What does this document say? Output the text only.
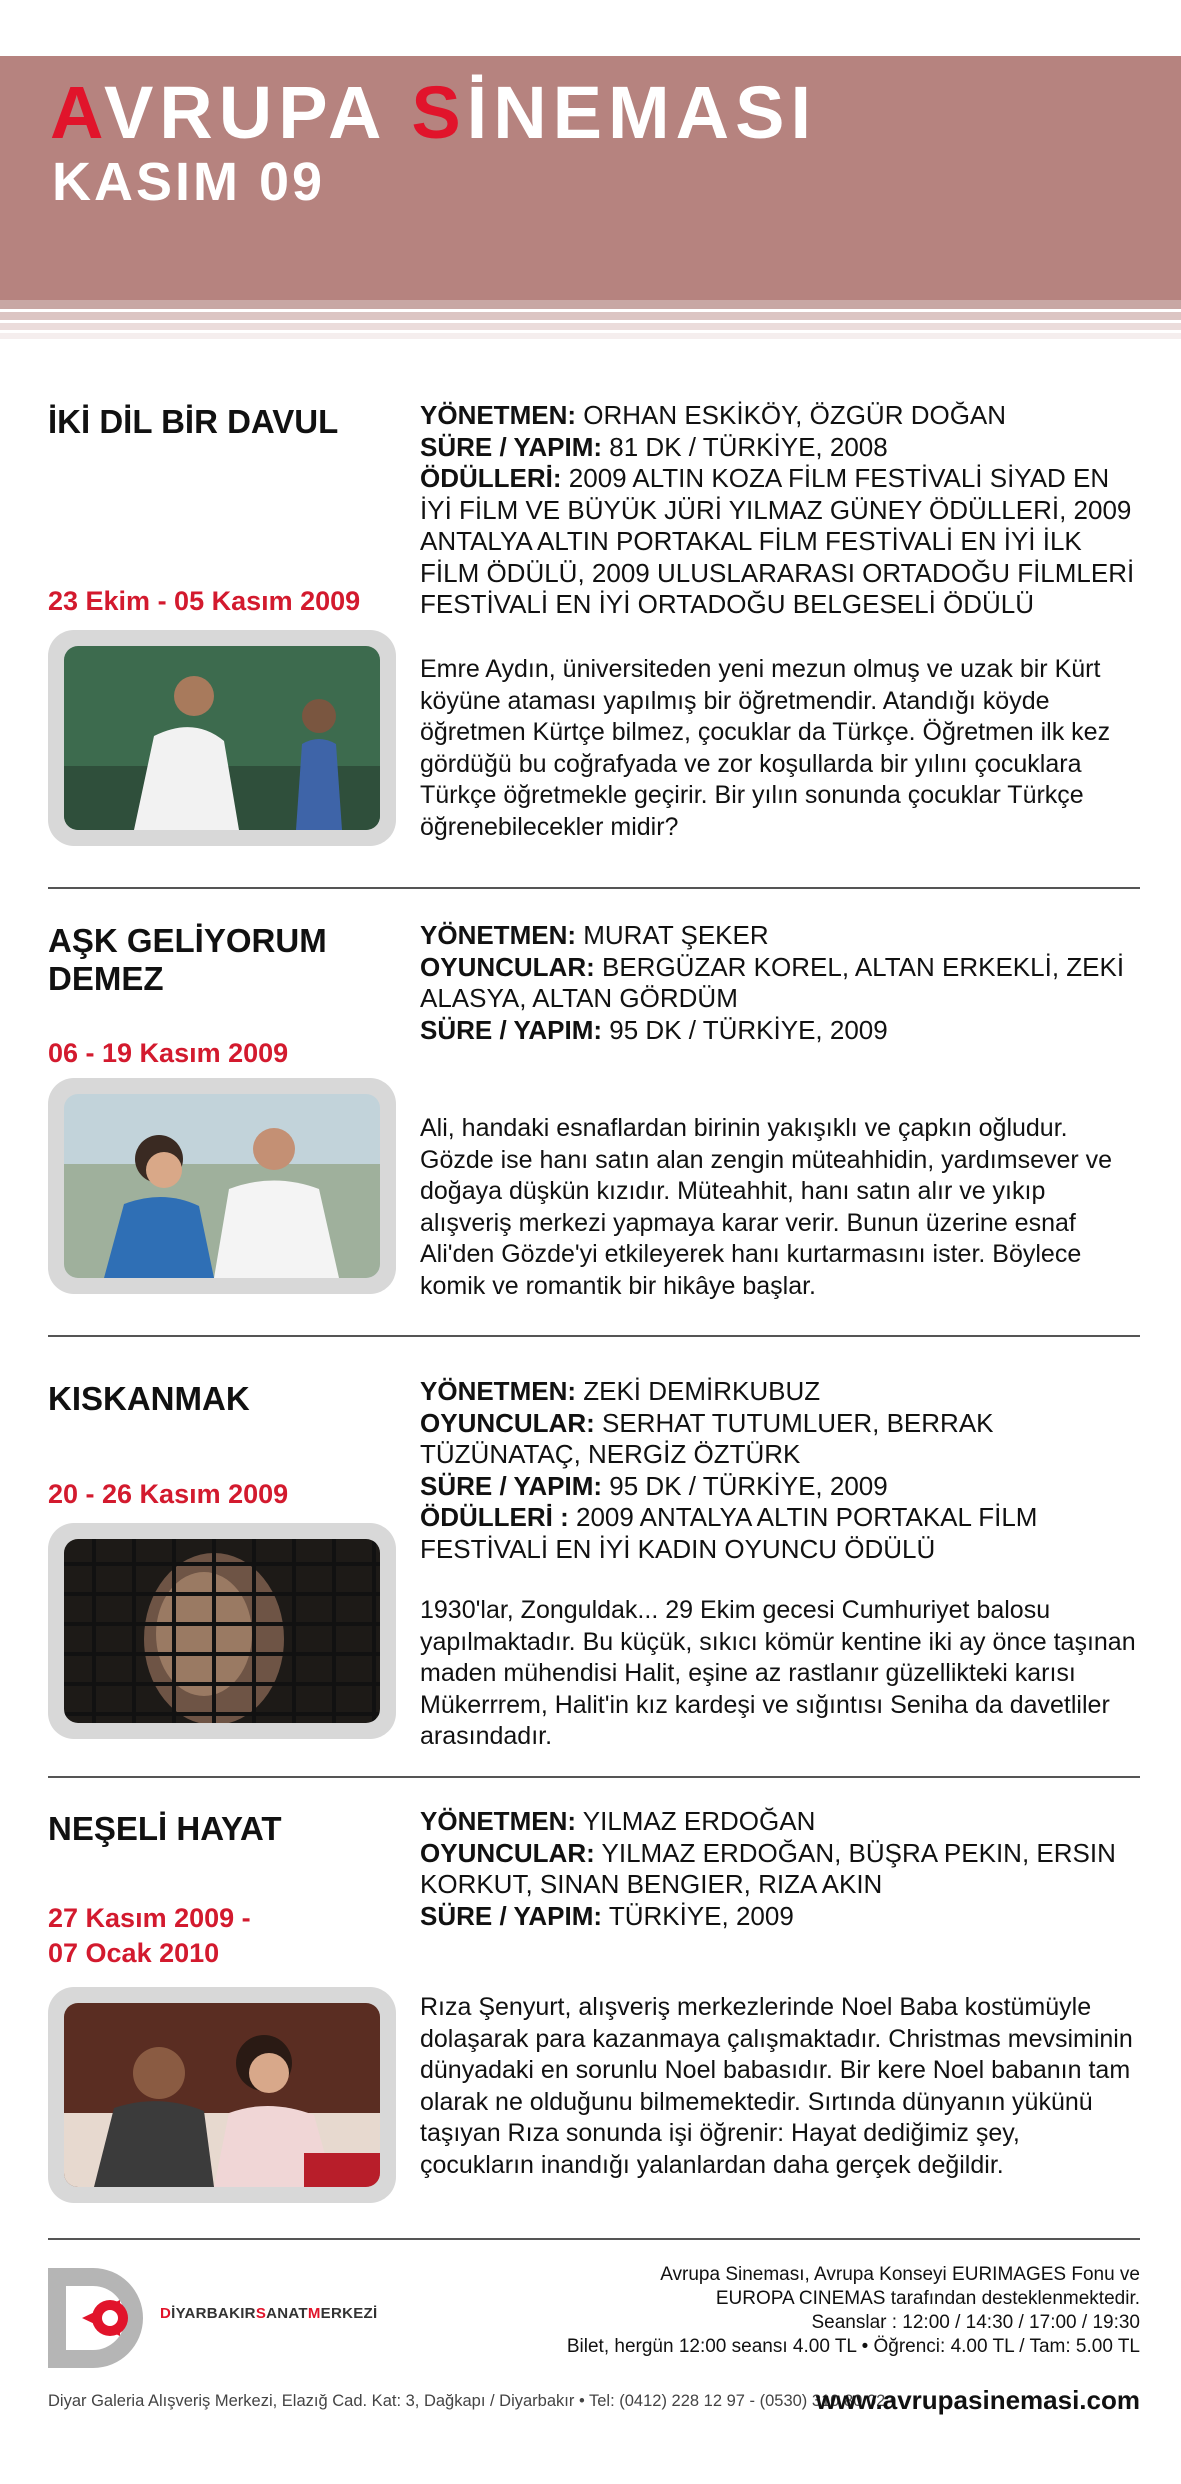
AVRUPA SİNEMASI
KASIM 09
İKİ DİL BİR DAVUL
23 Ekim - 05 Kasım 2009
YÖNETMEN: ORHAN ESKİKÖY, ÖZGÜR DOĞAN
SÜRE / YAPIM: 81 DK / TÜRKİYE, 2008
ÖDÜLLERİ: 2009 ALTIN KOZA FİLM FESTİVALİ SİYAD EN İYİ FİLM VE BÜYÜK JÜRİ YILMAZ GÜNEY ÖDÜLLERİ, 2009 ANTALYA ALTIN PORTAKAL FİLM FESTİVALİ EN İYİ İLK FİLM ÖDÜLÜ, 2009 ULUSLARARASI ORTADOĞU FİLMLERİ FESTİVALİ EN İYİ ORTADOĞU BELGESELİ ÖDÜLÜ
Emre Aydın, üniversiteden yeni mezun olmuş ve uzak bir Kürt köyüne ataması yapılmış bir öğretmendir. Atandığı köyde öğretmen Kürtçe bilmez, çocuklar da Türkçe. Öğretmen ilk kez gördüğü bu coğrafyada ve zor koşullarda bir yılını çocuklara Türkçe öğretmekle geçirir. Bir yılın sonunda çocuklar Türkçe öğrenebilecekler midir?
AŞK GELİYORUM
DEMEZ
06 - 19 Kasım 2009
YÖNETMEN: MURAT ŞEKER
OYUNCULAR: BERGÜZAR KOREL, ALTAN ERKEKLİ, ZEKİ ALASYA, ALTAN GÖRDÜM
SÜRE / YAPIM: 95 DK / TÜRKİYE, 2009
Ali, handaki esnaflardan birinin yakışıklı ve çapkın oğludur. Gözde ise hanı satın alan zengin müteahhidin, yardımsever ve doğaya düşkün kızıdır. Müteahhit, hanı satın alır ve yıkıp alışveriş merkezi yapmaya karar verir. Bunun üzerine esnaf Ali'den Gözde'yi etkileyerek hanı kurtarmasını ister. Böylece komik ve romantik bir hikâye başlar.
KISKANMAK
20 - 26 Kasım 2009
YÖNETMEN: ZEKİ DEMİRKUBUZ
OYUNCULAR: SERHAT TUTUMLUER, BERRAK TÜZÜNATAÇ, NERGİZ ÖZTÜRK
SÜRE / YAPIM: 95 DK / TÜRKİYE, 2009
ÖDÜLLERİ : 2009 ANTALYA ALTIN PORTAKAL FİLM FESTİVALİ EN İYİ KADIN OYUNCU ÖDÜLÜ
1930'lar, Zonguldak... 29 Ekim gecesi Cumhuriyet balosu yapılmaktadır. Bu küçük, sıkıcı kömür kentine iki ay önce taşınan maden mühendisi Halit, eşine az rastlanır güzellikteki karısı Mükerrrem, Halit'in kız kardeşi ve sığıntısı Seniha da davetliler arasındadır.
NEŞELİ HAYAT
27 Kasım 2009 -
07 Ocak 2010
YÖNETMEN: YILMAZ ERDOĞAN
OYUNCULAR: YILMAZ ERDOĞAN, BÜŞRA PEKIN, ERSIN KORKUT, SINAN BENGIER, RIZA AKIN
SÜRE / YAPIM: TÜRKİYE, 2009
Rıza Şenyurt, alışveriş merkezlerinde Noel Baba kostümüyle dolaşarak para kazanmaya çalışmaktadır. Christmas mevsiminin dünyadaki en sorunlu Noel babasıdır. Bir kere Noel babanın tam olarak ne olduğunu bilmemektedir. Sırtında dünyanın yükünü taşıyan Rıza sonunda işi öğrenir: Hayat dediğimiz şey, çocukların inandığı yalanlardan daha gerçek değildir.
DİYARBAKIRSANATMERKEZİ
Avrupa Sineması, Avrupa Konseyi EURIMAGES Fonu ve
EUROPA CINEMAS tarafından desteklenmektedir.
Seanslar : 12:00 / 14:30 / 17:00 / 19:30
Bilet, hergün 12:00 seansı 4.00 TL • Öğrenci: 4.00 TL / Tam: 5.00 TL
Diyar Galeria Alışveriş Merkezi, Elazığ Cad. Kat: 3, Dağkapı / Diyarbakır • Tel: (0412) 228 12 97 - (0530) 310 80 02 •
www.avrupasinemasi.com
